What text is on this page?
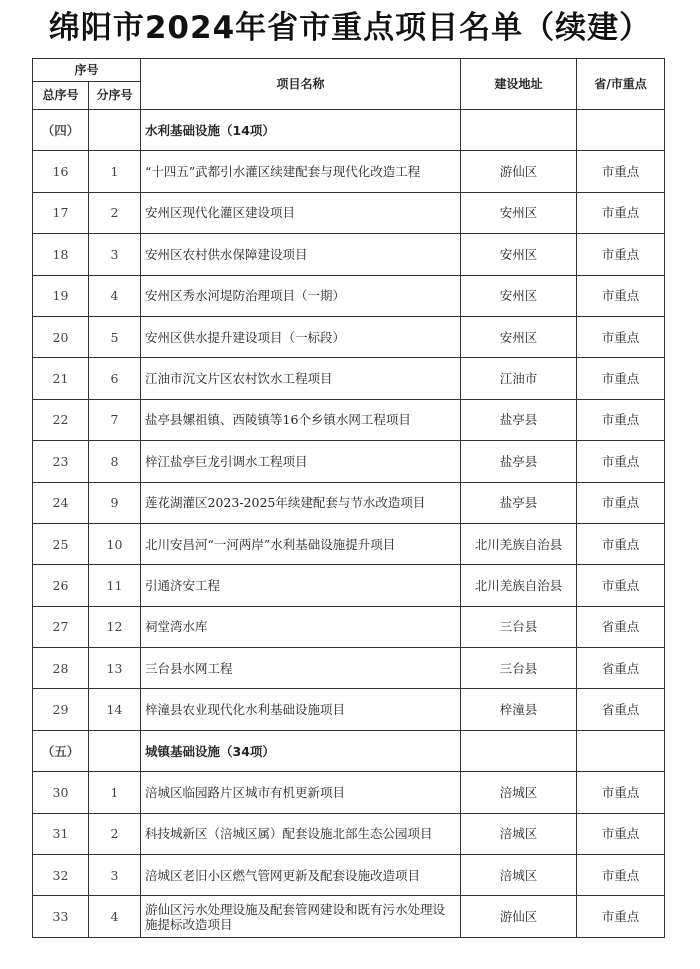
绵阳市2024年省市重点项目名单（续建）
序号		项目名称	建设地址	省/市重点
总序号	分序号			
（四）		水利基础设施（14项）		
16	1	“十四五”武都引水灌区续建配套与现代化改造工程	游仙区	市重点
17	2	安州区现代化灌区建设项目	安州区	市重点
18	3	安州区农村供水保障建设项目	安州区	市重点
19	4	安州区秀水河堤防治理项目（一期）	安州区	市重点
20	5	安州区供水提升建设项目（一标段）	安州区	市重点
21	6	江油市沉文片区农村饮水工程项目	江油市	市重点
22	7	盐亭县嫘祖镇、西陵镇等16个乡镇水网工程项目	盐亭县	市重点
23	8	梓江盐亭巨龙引调水工程项目	盐亭县	市重点
24	9	莲花湖灌区2023-2025年续建配套与节水改造项目	盐亭县	市重点
25	10	北川安昌河“一河两岸”水利基础设施提升项目	北川羌族自治县	市重点
26	11	引通济安工程	北川羌族自治县	市重点
27	12	祠堂湾水库	三台县	省重点
28	13	三台县水网工程	三台县	省重点
29	14	梓潼县农业现代化水利基础设施项目	梓潼县	省重点
（五）		城镇基础设施（34项）		
30	1	涪城区临园路片区城市有机更新项目	涪城区	市重点
31	2	科技城新区（涪城区属）配套设施北部生态公园项目	涪城区	市重点
32	3	涪城区老旧小区燃气管网更新及配套设施改造项目	涪城区	市重点
33	4	游仙区污水处理设施及配套管网建设和既有污水处理设施提标改造项目	游仙区	市重点
